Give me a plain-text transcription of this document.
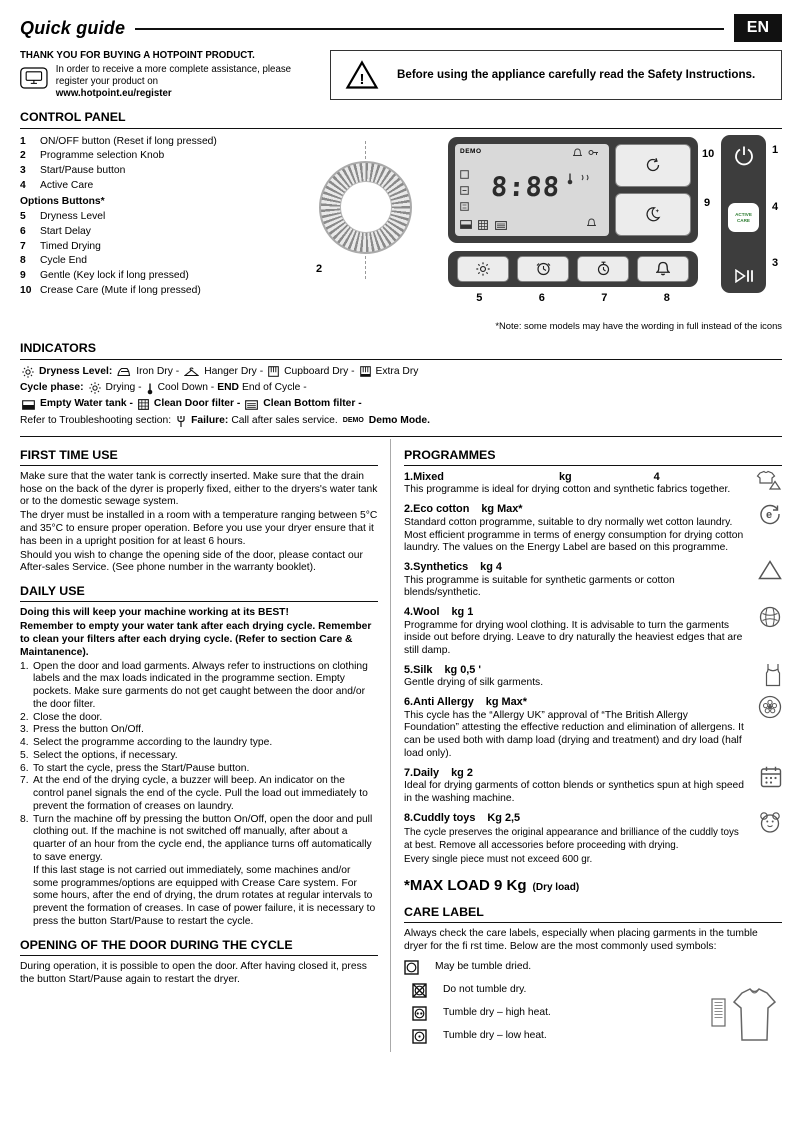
Quick guide	EN
THANK YOU FOR BUYING A HOTPOINT PRODUCT.
In order to receive a more complete assistance, please register your product on
www.hotpoint.eu/register
!	Before using the appliance carefully read the Safety Instructions.
CONTROL PANEL
1	ON/OFF button (Reset if long pressed)
2	Programme selection Knob
3	Start/Pause button
4	Active Care
Options Buttons*
5	Dryness Level
6	Start Delay
7	Timed Drying
8	Cycle End
9	Gentle (Key lock if long pressed)
10 Crease Care (Mute if long pressed)
2
DEMO
8:88
10
9
5	6	7	8
ACTIVE CARE
1
4
3
*Note: some models may have the wording in full instead of the icons
INDICATORS
Dryness Level: Iron Dry - Hanger Dry - Cupboard Dry - Extra Dry
Cycle phase: Drying - Cool Down - END End of Cycle -
Empty Water tank - Clean Door filter - Clean Bottom filter -
Refer to Troubleshooting section: Failure: Call after sales service. DEMO Demo Mode.
FIRST TIME USE

Make sure that the water tank is correctly inserted. Make sure that the drain hose on the back of the dyrer is properly fixed, either to the dryers's water tank or to the domestic sewage system.

The dryer must be installed in a room with a temperature ranging between 5°C and 35°C to ensure proper operation. Before you use your dryer ensure that it has been in a upright position for at least 6 hours.

Should you wish to change the opening side of the door, please contact our After-sales Service. (See phone number in the warranty booklet).

DAILY USE

Doing this will keep your machine working at its BEST!

Remember to empty your water tank after each drying cycle. Remember to clean your filters after each drying cycle. (Refer to section Care & Maintanence).

1. Open the door and load garments. Always refer to instructions on clothing labels and the max loads indicated in the programme section. Empty pockets. Make sure garments do not get caught between the door and/or the door filter.
2. Close the door.
3. Press the button On/Off.
4. Select the programme according to the laundry type.
5. Select the options, if necessary.
6. To start the cycle, press the Start/Pause button.
7. At the end of the drying cycle, a buzzer will beep. An indicator on the control panel signals the end of the cycle. Pull the load out immediately to prevent the formation of creases on laundry.
8. Turn the machine off by pressing the button On/Off, open the door and pull clothing out. If the machine is not switched off manually, after about a quarter of an hour from the cycle end, the appliance turns off automatically to save energy.
If this last stage is not carried out immediately, some machines and/or some programmes/options are equipped with Crease Care system. For some hours, after the end of drying, the drum rotates at regular intervals to prevent the formation of creases. In case of power failure, it is necessary to press the button Start/Pause to restart the cycle.
OPENING OF THE DOOR DURING THE CYCLE

During operation, it is possible to open the door. After having closed it, press the button Start/Pause again to restart the dryer.

PROGRAMMES
1.Mixed	kg	4
This programme is ideal for drying cotton and synthetic fabrics together.
2.Eco cotton kg Max*	e
Standard cotton programme, suitable to dry normally wet cotton laundry. Most efficient programme in terms of energy consumption for drying cotton laundry. The values on the Energy Label are based on this programme.
3.Synthetics kg 4
This programme is suitable for synthetic garments or cotton blends/synthetic.
4.Wool kg 1
Programme for drying wool clothing. It is advisable to turn the garments inside out before drying. Leave to dry naturally the heaviest edges that are still damp.
5.Silk kg 0,5 '
Gentle drying of silk garments.
6.Anti Allergy kg Max*
This cycle has the “Allergy UK” approval of “The British Allergy Foundation” attesting the effective reduction and elimination of allergens. It can be used both with damp load (drying and treatment) and dry load (half load only).
7.Daily kg 2
Ideal for drying garments of cotton blends or synthetics spun at high speed in the washing machine.
8.Cuddly toys Kg 2,5
The cycle preserves the original appearance and brilliance of the cuddly toys at best. Remove all accessories before proceeding with drying.
Every single piece must not exceed 600 gr.
*MAX LOAD 9 Kg (Dry load)
CARE LABEL

Always check the care labels, especially when placing garments in the tumble dryer for the fi rst time. Below are the most commonly used symbols:

May be tumble dried.
Do not tumble dry.
Tumble dry – high heat.
Tumble dry – low heat.
